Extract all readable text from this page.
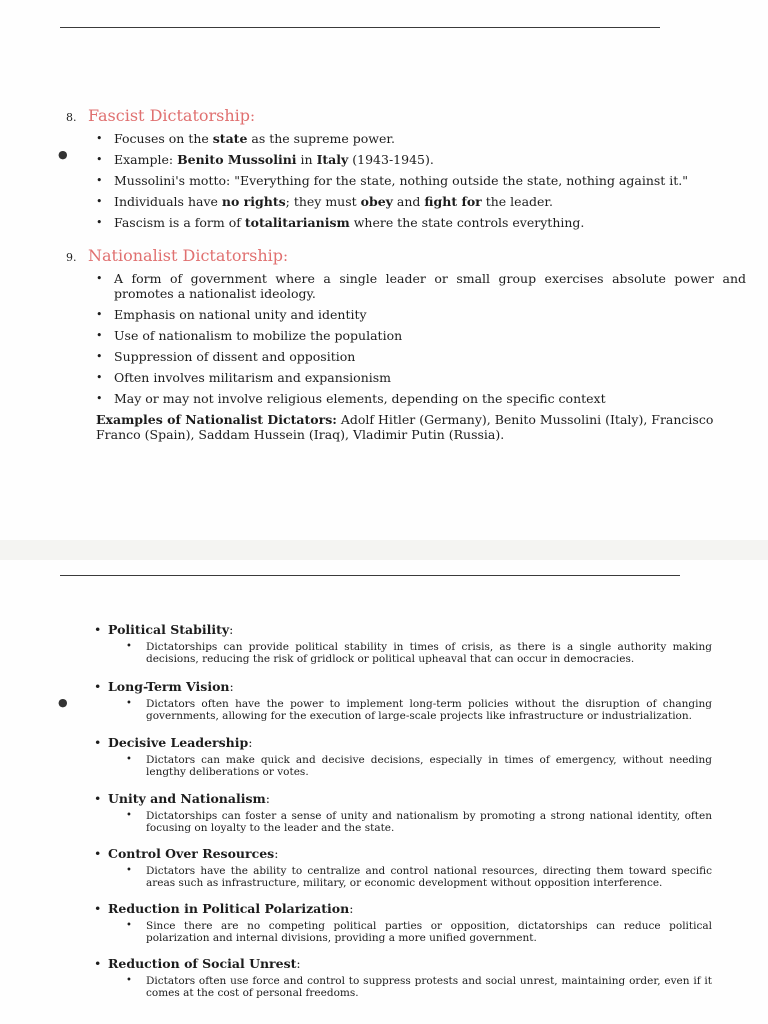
●
8. Fascist Dictatorship:
• Focuses on the state as the supreme power.
• Example: Benito Mussolini in Italy (1943-1945).
• Mussolini's motto: "Everything for the state, nothing outside the state, nothing against it."
• Individuals have no rights; they must obey and fight for the leader.
• Fascism is a form of totalitarianism where the state controls everything.
9. Nationalist Dictatorship:
• A form of government where a single leader or small group exercises absolute power and promotes a nationalist ideology.
• Emphasis on national unity and identity
• Use of nationalism to mobilize the population
• Suppression of dissent and opposition
• Often involves militarism and expansionism
• May or may not involve religious elements, depending on the specific context
Examples of Nationalist Dictators: Adolf Hitler (Germany), Benito Mussolini (Italy), Francisco Franco (Spain), Saddam Hussein (Iraq), Vladimir Putin (Russia).
●
• Political Stability:
• Dictatorships can provide political stability in times of crisis, as there is a single authority making decisions, reducing the risk of gridlock or political upheaval that can occur in democracies.
• Long-Term Vision:
• Dictators often have the power to implement long-term policies without the disruption of changing governments, allowing for the execution of large-scale projects like infrastructure or industrialization.
• Decisive Leadership:
• Dictators can make quick and decisive decisions, especially in times of emergency, without needing lengthy deliberations or votes.
• Unity and Nationalism:
• Dictatorships can foster a sense of unity and nationalism by promoting a strong national identity, often focusing on loyalty to the leader and the state.
• Control Over Resources:
• Dictators have the ability to centralize and control national resources, directing them toward specific areas such as infrastructure, military, or economic development without opposition interference.
• Reduction in Political Polarization:
• Since there are no competing political parties or opposition, dictatorships can reduce political polarization and internal divisions, providing a more unified government.
• Reduction of Social Unrest:
• Dictators often use force and control to suppress protests and social unrest, maintaining order, even if it comes at the cost of personal freedoms.
